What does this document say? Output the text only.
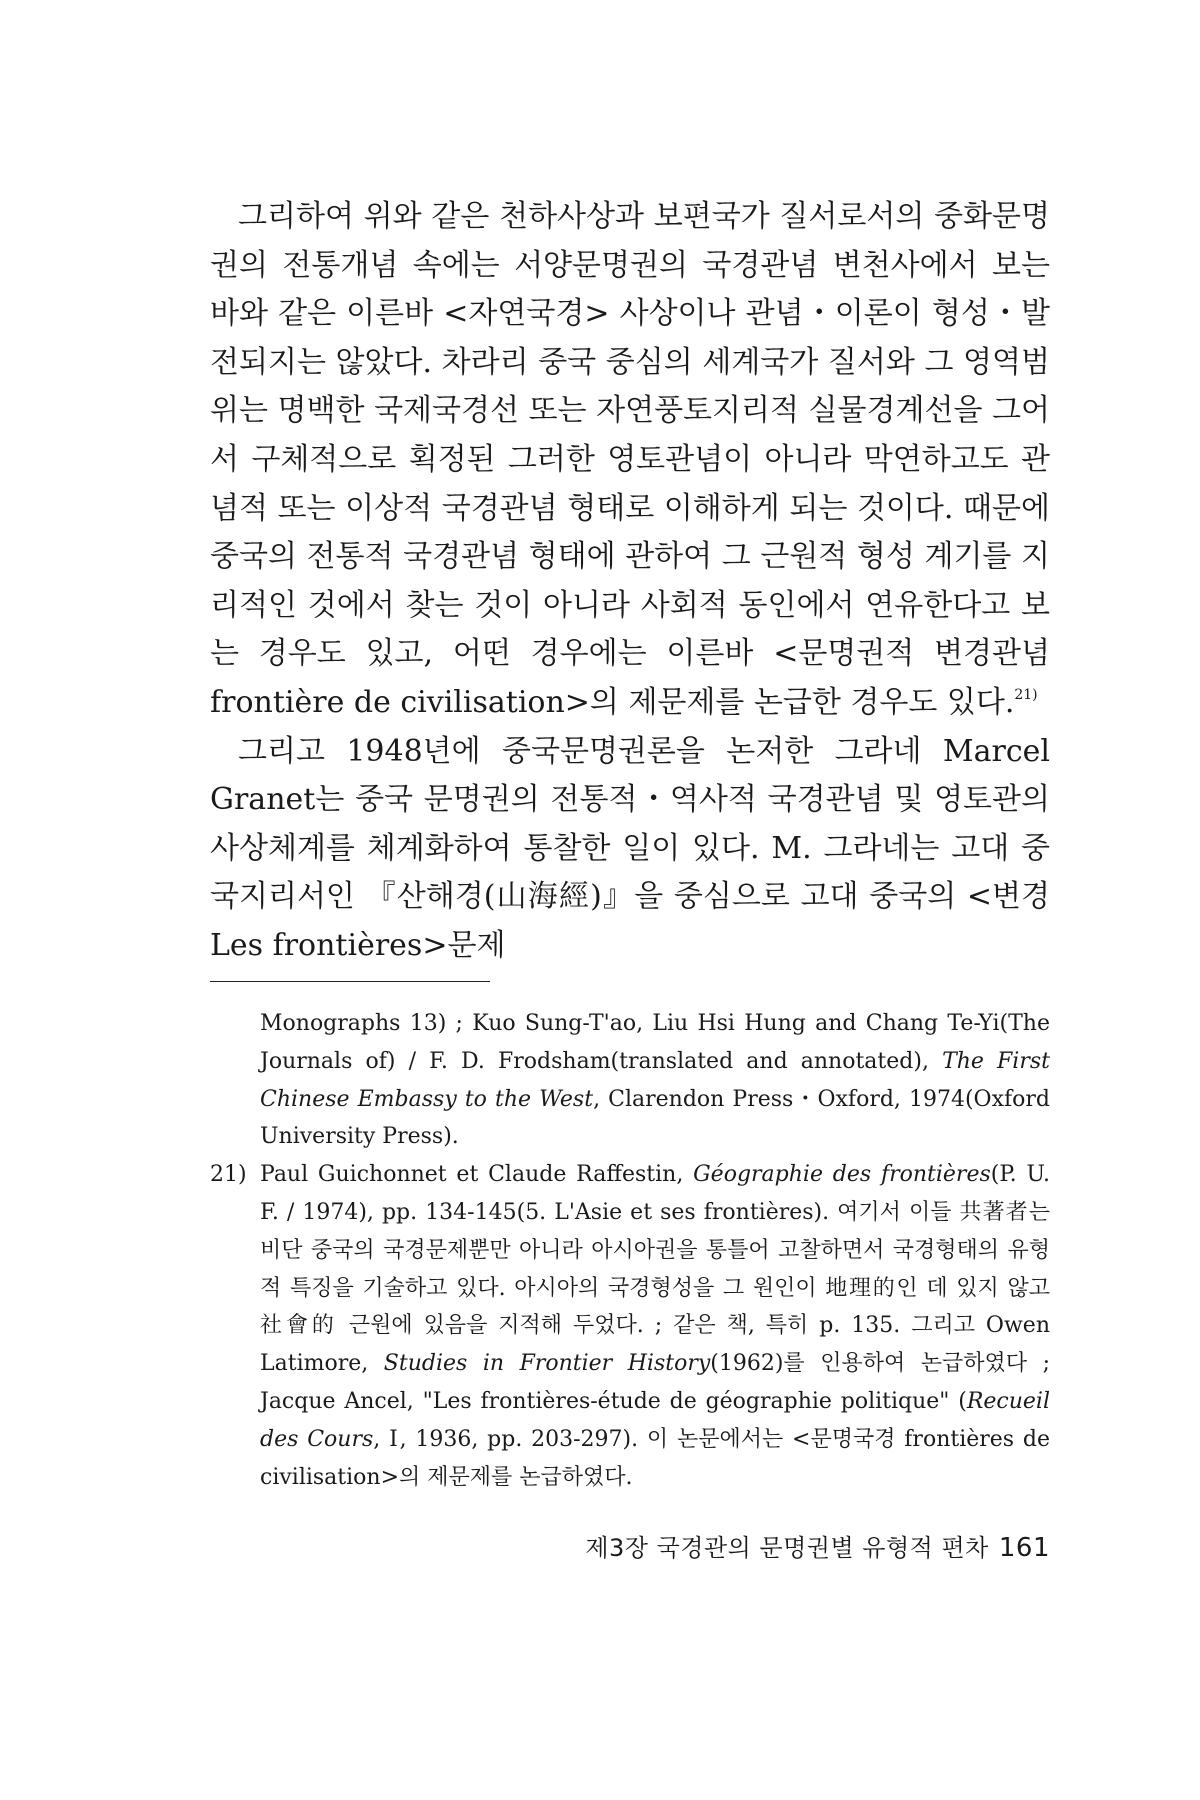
그리하여 위와 같은 천하사상과 보편국가 질서로서의 중화문명권의 전통개념 속에는 서양문명권의 국경관념 변천사에서 보는 바와 같은 이른바 <자연국경> 사상이나 관념・이론이 형성・발전되지는 않았다. 차라리 중국 중심의 세계국가 질서와 그 영역범위는 명백한 국제국경선 또는 자연풍토지리적 실물경계선을 그어서 구체적으로 획정된 그러한 영토관념이 아니라 막연하고도 관념적 또는 이상적 국경관념 형태로 이해하게 되는 것이다. 때문에 중국의 전통적 국경관념 형태에 관하여 그 근원적 형성 계기를 지리적인 것에서 찾는 것이 아니라 사회적 동인에서 연유한다고 보는 경우도 있고, 어떤 경우에는 이른바 <문명권적 변경관념 frontière de civilisation>의 제문제를 논급한 경우도 있다.$^{21)}$

그리고 1948년에 중국문명권론을 논저한 그라네 Marcel Granet는 중국 문명권의 전통적・역사적 국경관념 및 영토관의 사상체계를 체계화하여 통찰한 일이 있다. M. 그라네는 고대 중국지리서인 『산해경(山海經)』을 중심으로 고대 중국의 <변경 Les frontières>문제

Monographs 13) ; Kuo Sung-T'ao, Liu Hsi Hung and Chang Te-Yi(The Journals of) / F. D. Frodsham(translated and annotated), The First Chinese Embassy to the West, Clarendon Press・Oxford, 1974(Oxford University Press).

21) Paul Guichonnet et Claude Raffestin, Géographie des frontières(P. U. F. / 1974), pp. 134-145(5. L'Asie et ses frontières). 여기서 이들 共著者는 비단 중국의 국경문제뿐만 아니라 아시아권을 통틀어 고찰하면서 국경형태의 유형적 특징을 기술하고 있다. 아시아의 국경형성을 그 원인이 地理的인 데 있지 않고 社會的 근원에 있음을 지적해 두었다. ; 같은 책, 특히 p. 135. 그리고 Owen Latimore, Studies in Frontier History(1962)를 인용하여 논급하였다 ; Jacque Ancel, "Les frontières-étude de géographie politique" (Recueil des Cours, Ⅰ, 1936, pp. 203-297). 이 논문에서는 <문명국경 frontières de civilisation>의 제문제를 논급하였다.

제3장 국경관의 문명권별 유형적 편차 161
